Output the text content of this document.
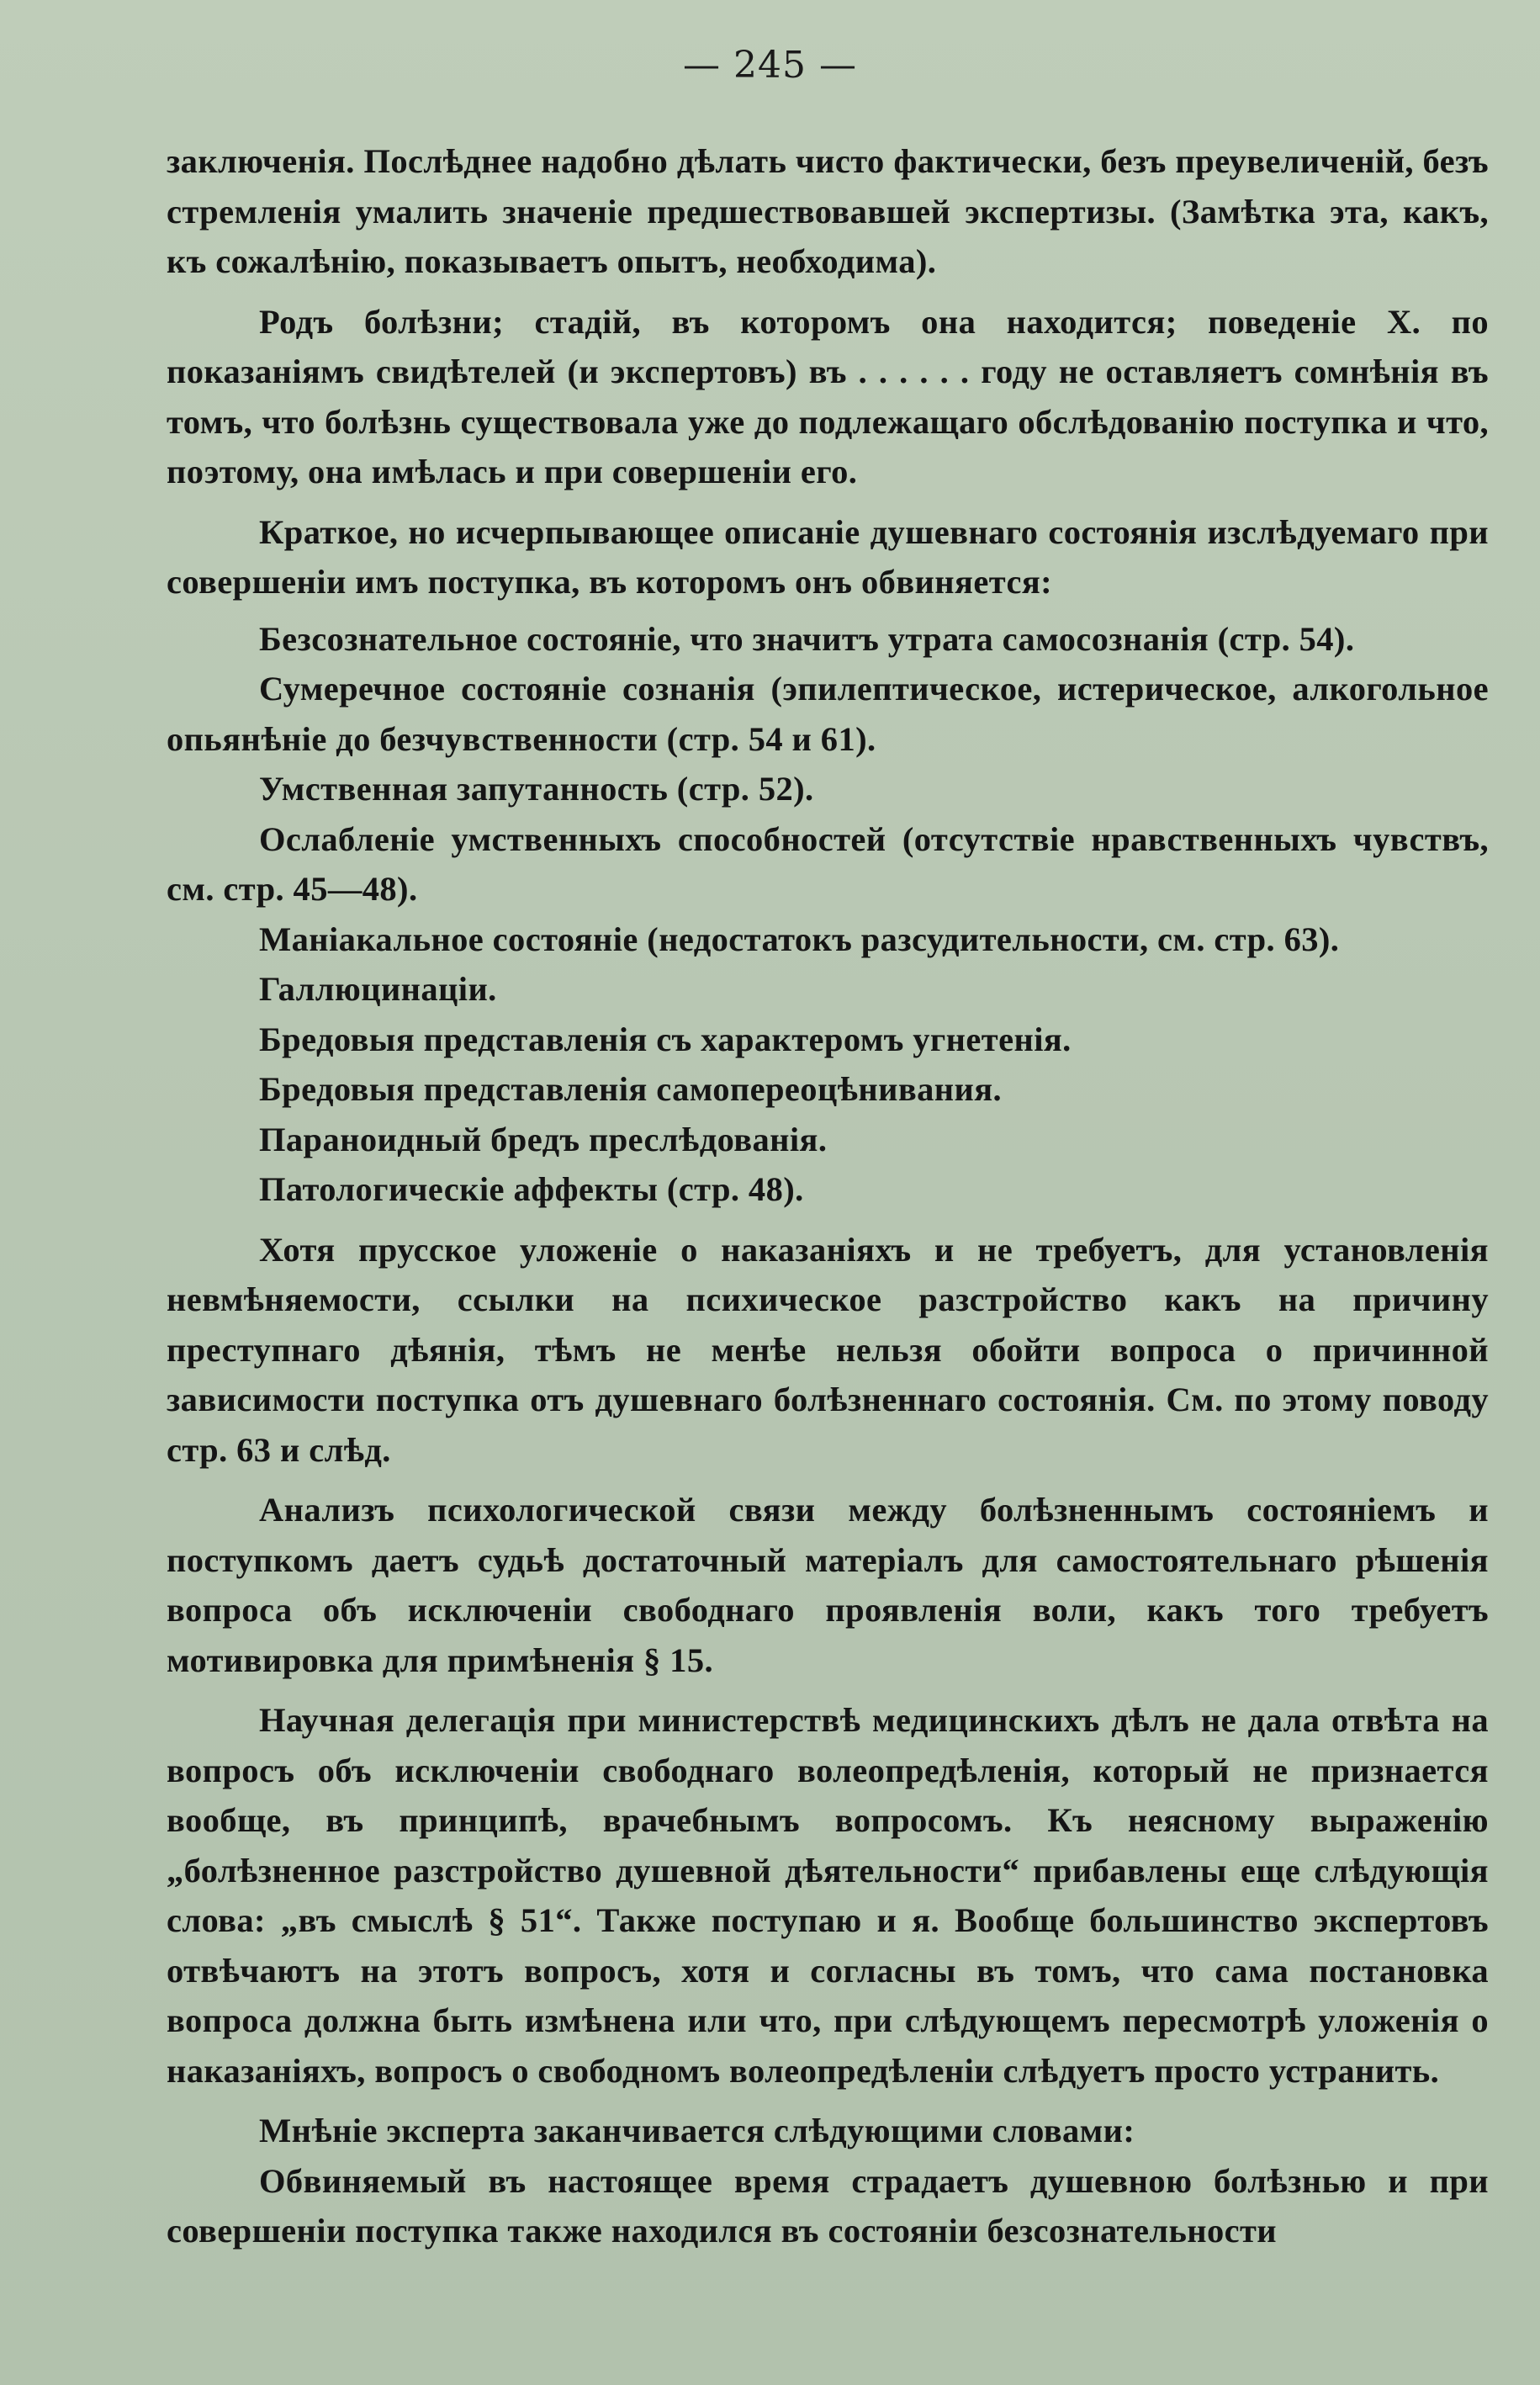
— 245 —

заключенія. Послѣднее надобно дѣлать чисто фактически, безъ преувеличеній, безъ стремленія умалить значеніе предшествовавшей экспертизы. (Замѣтка эта, какъ, къ сожалѣнію, показываетъ опытъ, необходима).

Родъ болѣзни; стадій, въ которомъ она находится; поведеніе X. по показаніямъ свидѣтелей (и экспертовъ) въ . . . . . . году не оставляетъ сомнѣнія въ томъ, что болѣзнь существовала уже до подлежащаго обслѣдованію поступка и что, поэтому, она имѣлась и при совершеніи его.

Краткое, но исчерпывающее описаніе душевнаго состоянія изслѣдуемаго при совершеніи имъ поступка, въ которомъ онъ обвиняется:

Безсознательное состояніе, что значитъ утрата самосознанія (стр. 54).

Сумеречное состояніе сознанія (эпилептическое, истерическое, алкогольное опьянѣніе до безчувственности (стр. 54 и 61).

Умственная запутанность (стр. 52).

Ослабленіе умственныхъ способностей (отсутствіе нравственныхъ чувствъ, см. стр. 45—48).

Маніакальное состояніе (недостатокъ разсудительности, см. стр. 63).

Галлюцинаціи.

Бредовыя представленія съ характеромъ угнетенія.

Бредовыя представленія самопереоцѣнивания.

Параноидный бредъ преслѣдованія.

Патологическіе аффекты (стр. 48).

Хотя прусское уложеніе о наказаніяхъ и не требуетъ, для установленія невмѣняемости, ссылки на психическое разстройство какъ на причину преступнаго дѣянія, тѣмъ не менѣе нельзя обойти вопроса о причинной зависимости поступка отъ душевнаго болѣзненнаго состоянія. См. по этому поводу стр. 63 и слѣд.

Анализъ психологической связи между болѣзненнымъ состояніемъ и поступкомъ даетъ судьѣ достаточный матеріалъ для самостоятельнаго рѣшенія вопроса объ исключеніи свободнаго проявленія воли, какъ того требуетъ мотивировка для примѣненія § 15.

Научная делегація при министерствѣ медицинскихъ дѣлъ не дала отвѣта на вопросъ объ исключеніи свободнаго волеопредѣленія, который не признается вообще, въ принципѣ, врачебнымъ вопросомъ. Къ неясному выраженію „болѣзненное разстройство душевной дѣятельности“ прибавлены еще слѣдующія слова: „въ смыслѣ § 51“. Также поступаю и я. Вообще большинство экспертовъ отвѣчаютъ на этотъ вопросъ, хотя и согласны въ томъ, что сама постановка вопроса должна быть измѣнена или что, при слѣдующемъ пересмотрѣ уложенія о наказаніяхъ, вопросъ о свободномъ волеопредѣленіи слѣдуетъ просто устранить.

Мнѣніе эксперта заканчивается слѣдующими словами:

Обвиняемый въ настоящее время страдаетъ душевною болѣзнью и при совершеніи поступка также находился въ состояніи безсознательности
